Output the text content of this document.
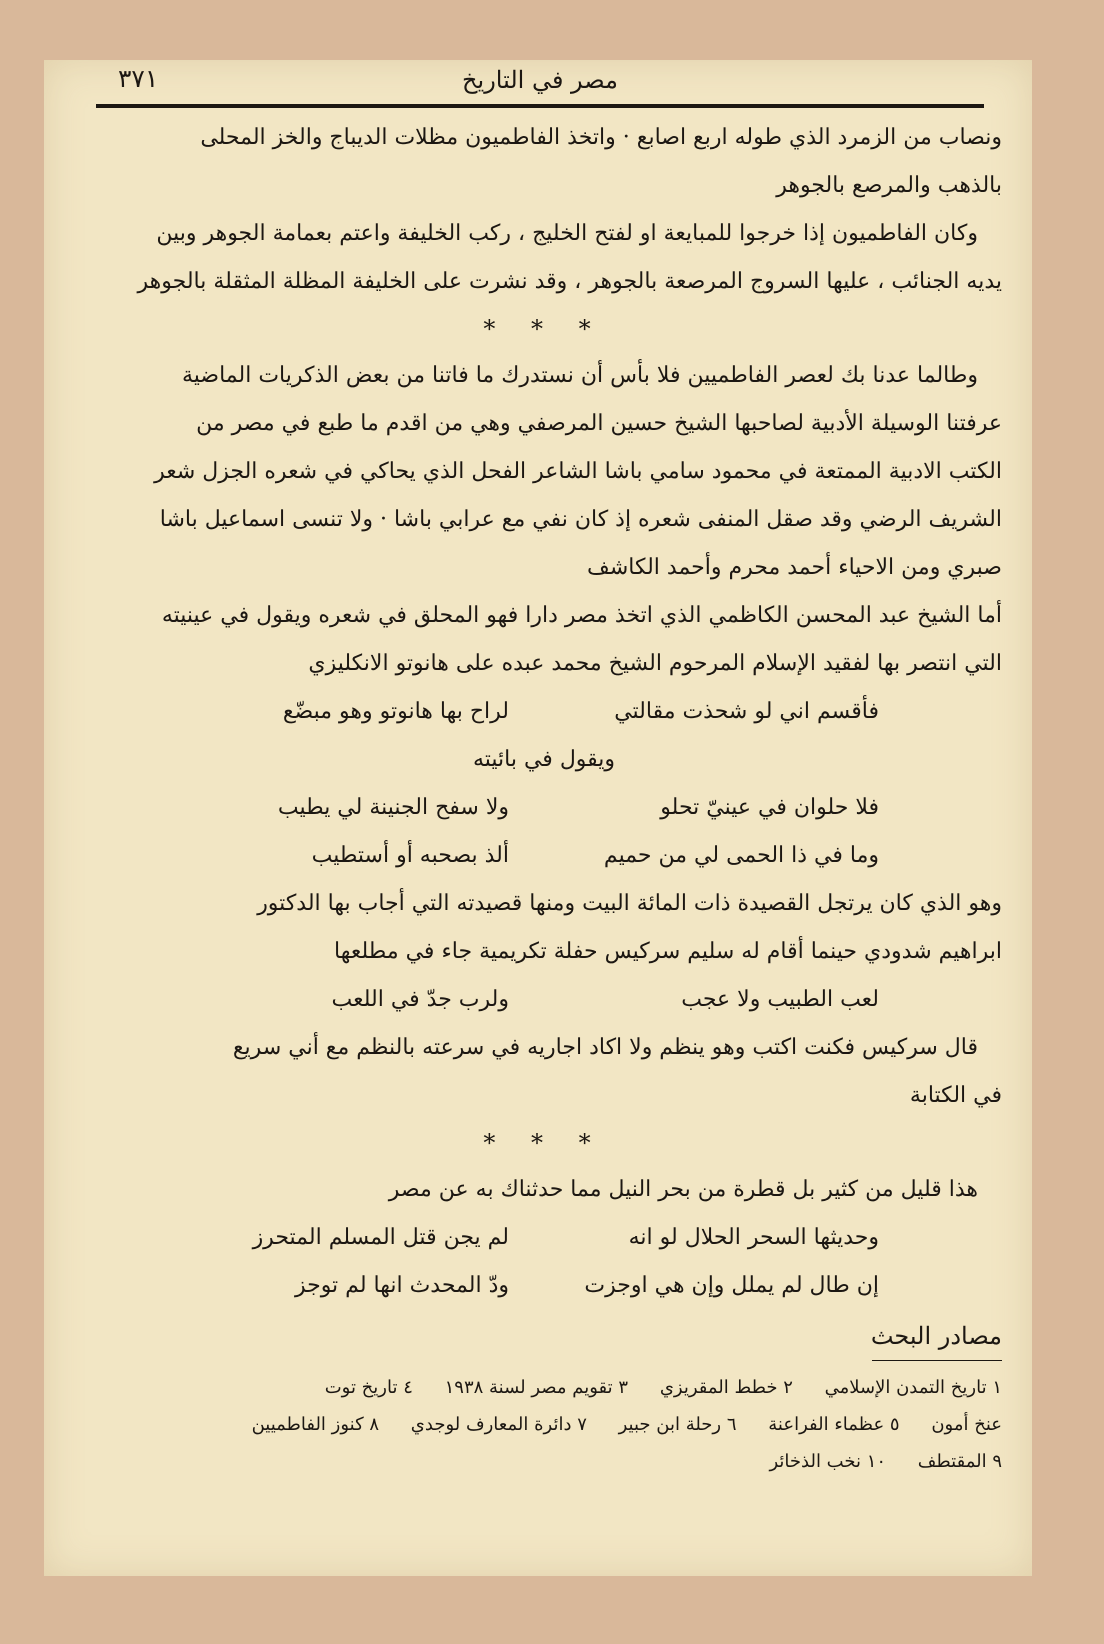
٣٧١	مصر في التاريخ
ونصاب من الزمرد الذي طوله اربع اصابع · واتخذ الفاطميون مظلات الديباج والخز المحلى
بالذهب والمرصع بالجوهر
وكان الفاطميون إذا خرجوا للمبايعة او لفتح الخليج ، ركب الخليفة واعتم بعمامة الجوهر وبين
يديه الجنائب ، عليها السروج المرصعة بالجوهر ، وقد نشرت على الخليفة المظلة المثقلة بالجوهر
* * *
وطالما عدنا بك لعصر الفاطميين فلا بأس أن نستدرك ما فاتنا من بعض الذكريات الماضية
عرفتنا الوسيلة الأدبية لصاحبها الشيخ حسين المرصفي وهي من اقدم ما طبع في مصر من
الكتب الادبية الممتعة في محمود سامي باشا الشاعر الفحل الذي يحاكي في شعره الجزل شعر
الشريف الرضي وقد صقل المنفى شعره إذ كان نفي مع عرابي باشا · ولا تنسى اسماعيل باشا
صبري ومن الاحياء أحمد محرم وأحمد الكاشف
أما الشيخ عبد المحسن الكاظمي الذي اتخذ مصر دارا فهو المحلق في شعره ويقول في عينيته
التي انتصر بها لفقيد الإسلام المرحوم الشيخ محمد عبده على هانوتو الانكليزي
فأقسم اني لو شحذت مقالتي
لراح بها هانوتو وهو مبضّع
ويقول في بائيته
فلا حلوان في عينيّ تحلو
ولا سفح الجنينة لي يطيب
وما في ذا الحمى لي من حميم
ألذ بصحبه أو أستطيب
وهو الذي كان يرتجل القصيدة ذات المائة البيت ومنها قصيدته التي أجاب بها الدكتور
ابراهيم شدودي حينما أقام له سليم سركيس حفلة تكريمية جاء في مطلعها
لعب الطبيب ولا عجب
ولرب جدّ في اللعب
قال سركيس فكنت اكتب وهو ينظم ولا اكاد اجاريه في سرعته بالنظم مع أني سريع
في الكتابة
* * *
هذا قليل من كثير بل قطرة من بحر النيل مما حدثناك به عن مصر
وحديثها السحر الحلال لو انه
لم يجن قتل المسلم المتحرز
إن طال لم يملل وإن هي اوجزت
ودّ المحدث انها لم توجز
مصادر البحث
١ تاريخ التمدن الإسلامي ٢ خطط المقريزي ٣ تقويم مصر لسنة ١٩٣٨ ٤ تاريخ توت
عنخ أمون ٥ عظماء الفراعنة ٦ رحلة ابن جبير ٧ دائرة المعارف لوجدي ٨ كنوز الفاطميين
٩ المقتطف ١٠ نخب الذخائر
